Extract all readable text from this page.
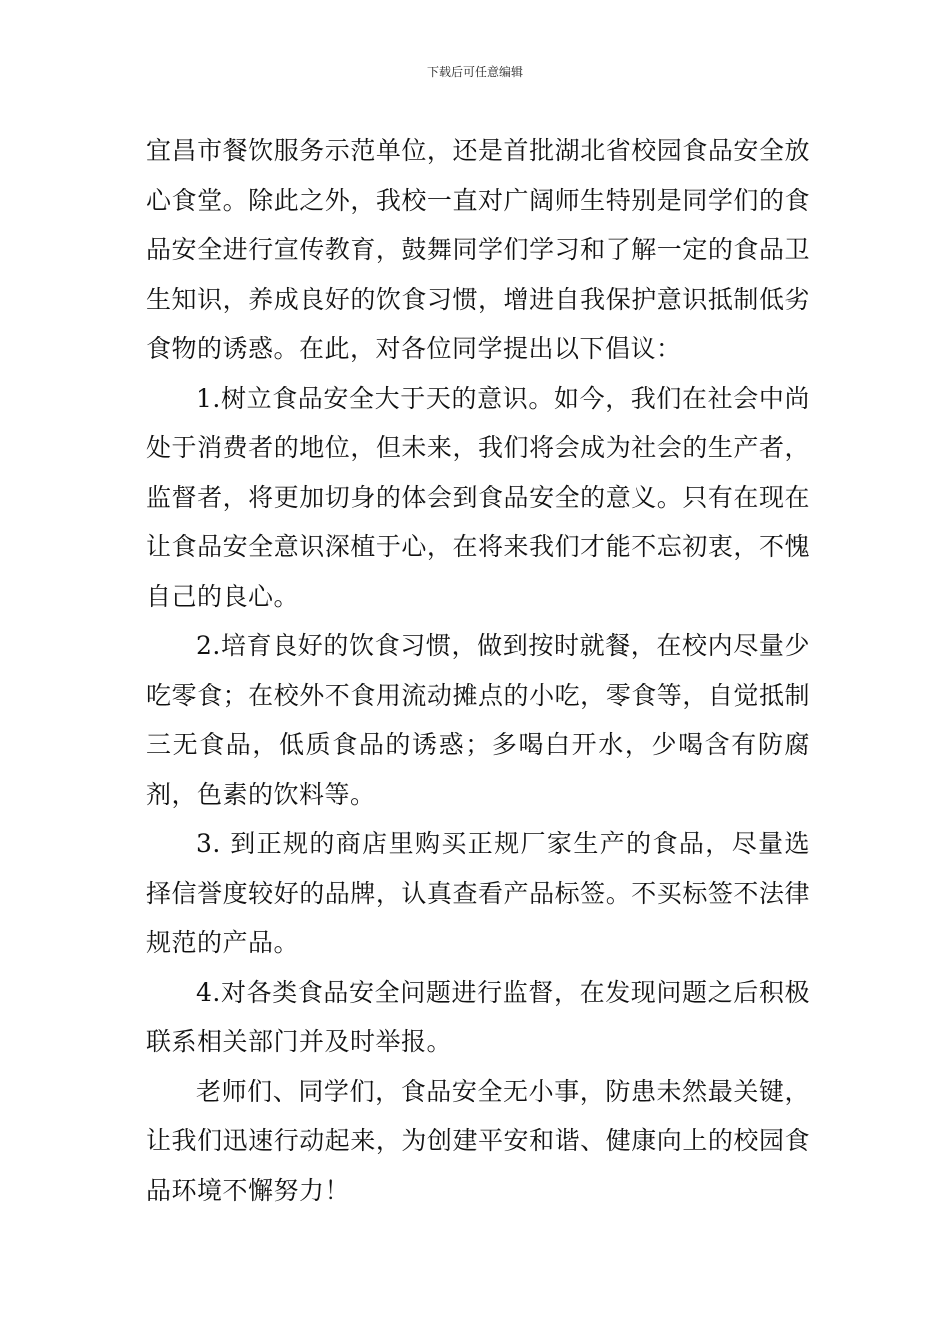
下载后可任意编辑

宜昌市餐饮服务示范单位，还是首批湖北省校园食品安全放心食堂。除此之外，我校一直对广阔师生特别是同学们的食品安全进行宣传教育，鼓舞同学们学习和了解一定的食品卫生知识，养成良好的饮食习惯，增进自我保护意识抵制低劣食物的诱惑。在此，对各位同学提出以下倡议：

1.树立食品安全大于天的意识。如今，我们在社会中尚处于消费者的地位，但未来，我们将会成为社会的生产者，监督者，将更加切身的体会到食品安全的意义。只有在现在让食品安全意识深植于心，在将来我们才能不忘初衷，不愧自己的良心。

2.培育良好的饮食习惯，做到按时就餐，在校内尽量少吃零食；在校外不食用流动摊点的小吃，零食等，自觉抵制三无食品，低质食品的诱惑；多喝白开水，少喝含有防腐剂，色素的饮料等。

3. 到正规的商店里购买正规厂家生产的食品，尽量选择信誉度较好的品牌，认真查看产品标签。不买标签不法律规范的产品。

4.对各类食品安全问题进行监督，在发现问题之后积极联系相关部门并及时举报。

老师们、同学们，食品安全无小事，防患未然最关键，让我们迅速行动起来，为创建平安和谐、健康向上的校园食品环境不懈努力！
